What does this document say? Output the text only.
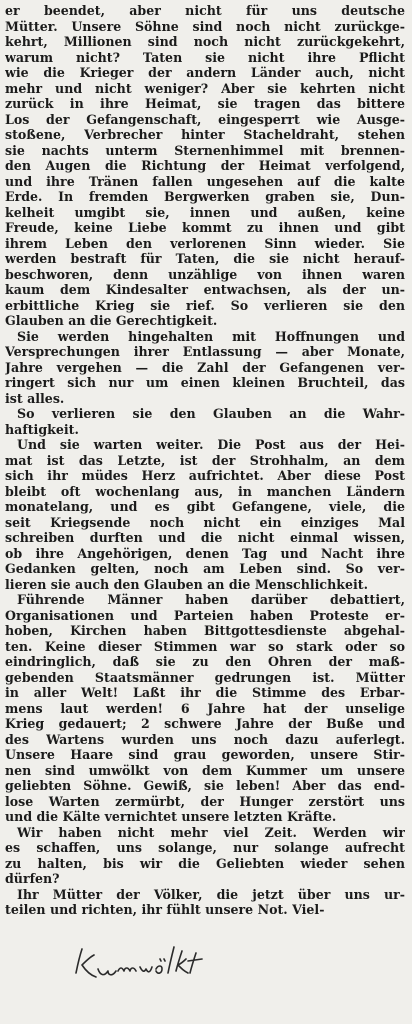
er beendet, aber nicht für uns deutsche
Mütter. Unsere Söhne sind noch nicht zurückge-
kehrt, Millionen sind noch nicht zurückgekehrt,
warum nicht? Taten sie nicht ihre Pflicht
wie die Krieger der andern Länder auch, nicht
mehr und nicht weniger? Aber sie kehrten nicht
zurück in ihre Heimat, sie tragen das bittere
Los der Gefangenschaft, eingesperrt wie Ausge-
stoßene, Verbrecher hinter Stacheldraht, stehen
sie nachts unterm Sternenhimmel mit brennen-
den Augen die Richtung der Heimat verfolgend,
und ihre Tränen fallen ungesehen auf die kalte
Erde. In fremden Bergwerken graben sie, Dun-
kelheit umgibt sie, innen und außen, keine
Freude, keine Liebe kommt zu ihnen und gibt
ihrem Leben den verlorenen Sinn wieder. Sie
werden bestraft für Taten, die sie nicht herauf-
beschworen, denn unzählige von ihnen waren
kaum dem Kindesalter entwachsen, als der un-
erbittliche Krieg sie rief. So verlieren sie den
Glauben an die Gerechtigkeit.
Sie werden hingehalten mit Hoffnungen und
Versprechungen ihrer Entlassung — aber Monate,
Jahre vergehen — die Zahl der Gefangenen ver-
ringert sich nur um einen kleinen Bruchteil, das
ist alles.
So verlieren sie den Glauben an die Wahr-
haftigkeit.
Und sie warten weiter. Die Post aus der Hei-
mat ist das Letzte, ist der Strohhalm, an dem
sich ihr müdes Herz aufrichtet. Aber diese Post
bleibt oft wochenlang aus, in manchen Ländern
monatelang, und es gibt Gefangene, viele, die
seit Kriegsende noch nicht ein einziges Mal
schreiben durften und die nicht einmal wissen,
ob ihre Angehörigen, denen Tag und Nacht ihre
Gedanken gelten, noch am Leben sind. So ver-
lieren sie auch den Glauben an die Menschlichkeit.
Führende Männer haben darüber debattiert,
Organisationen und Parteien haben Proteste er-
hoben, Kirchen haben Bittgottesdienste abgehal-
ten. Keine dieser Stimmen war so stark oder so
eindringlich, daß sie zu den Ohren der maß-
gebenden Staatsmänner gedrungen ist. Mütter
in aller Welt! Laßt ihr die Stimme des Erbar-
mens laut werden! 6 Jahre hat der unselige
Krieg gedauert; 2 schwere Jahre der Buße und
des Wartens wurden uns noch dazu auferlegt.
Unsere Haare sind grau geworden, unsere Stir-
nen sind umwölkt von dem Kummer um unsere
geliebten Söhne. Gewiß, sie leben! Aber das end-
lose Warten zermürbt, der Hunger zerstört uns
und die Kälte vernichtet unsere letzten Kräfte.
Wir haben nicht mehr viel Zeit. Werden wir
es schaffen, uns solange, nur solange aufrecht
zu halten, bis wir die Geliebten wieder sehen
dürfen?
Ihr Mütter der Völker, die jetzt über uns ur-
teilen und richten, ihr fühlt unsere Not. Viel-
